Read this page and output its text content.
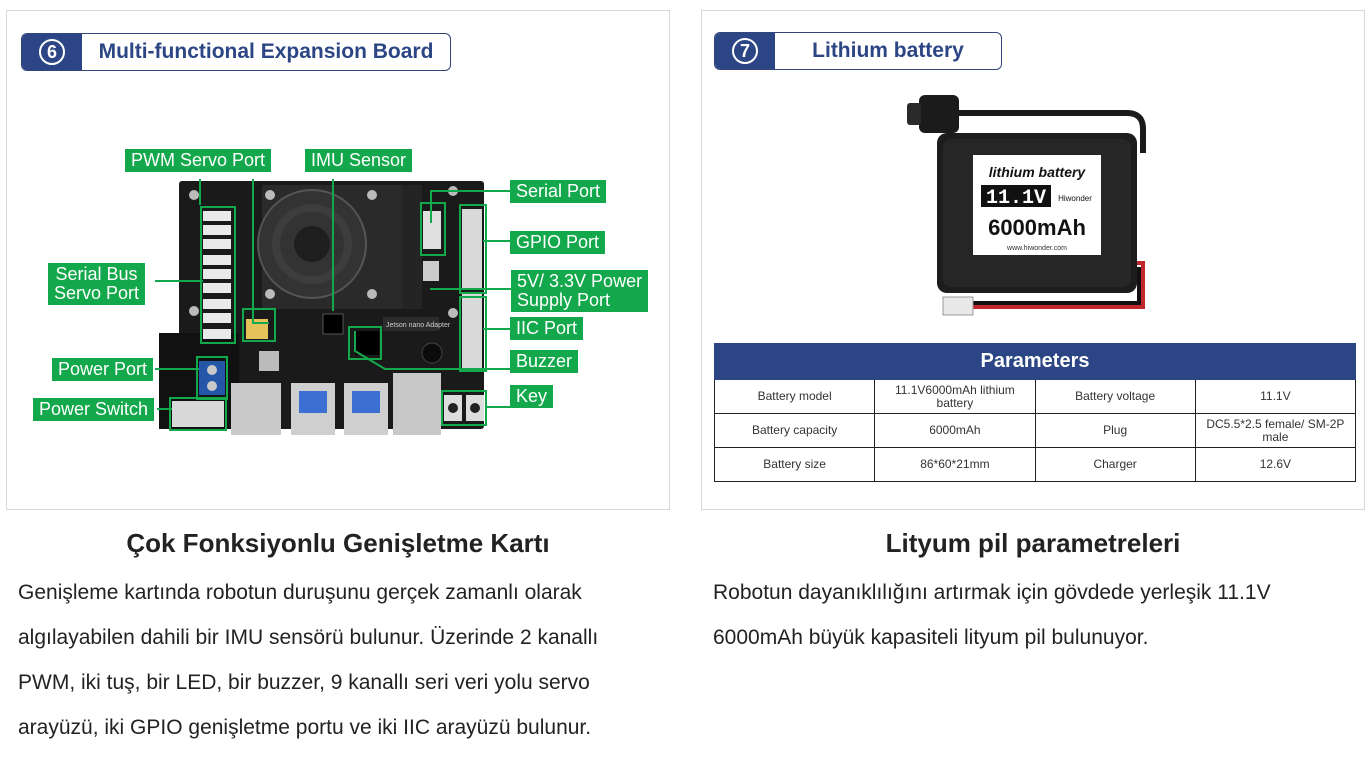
6	Multi-functional Expansion Board
Jetson nano Adapter
PWM Servo Port	IMU Sensor
Serial Port
GPIO Port
Serial Bus
Servo Port
5V/ 3.3V Power
Supply Port
IIC Port
Power Port	Buzzer
Key
Power Switch
7	Lithium battery
lithium battery
11.1V Hiwonder
6000mAh
www.hiwonder.com
Parameters			
Battery model	11.1V6000mAh lithium battery	Battery voltage	11.1V
Battery capacity	6000mAh	Plug	DC5.5*2.5 female/ SM-2P male
Battery size	86*60*21mm	Charger	12.6V
Çok Fonksiyonlu Genişletme Kartı
Genişleme kartında robotun duruşunu gerçek zamanlı olarak algılayabilen dahili bir IMU sensörü bulunur. Üzerinde 2 kanallı PWM, iki tuş, bir LED, bir buzzer, 9 kanallı seri veri yolu servo arayüzü, iki GPIO genişletme portu ve iki IIC arayüzü bulunur.
Lityum pil parametreleri
Robotun dayanıklılığını artırmak için gövdede yerleşik 11.1V 6000mAh büyük kapasiteli lityum pil bulunuyor.
